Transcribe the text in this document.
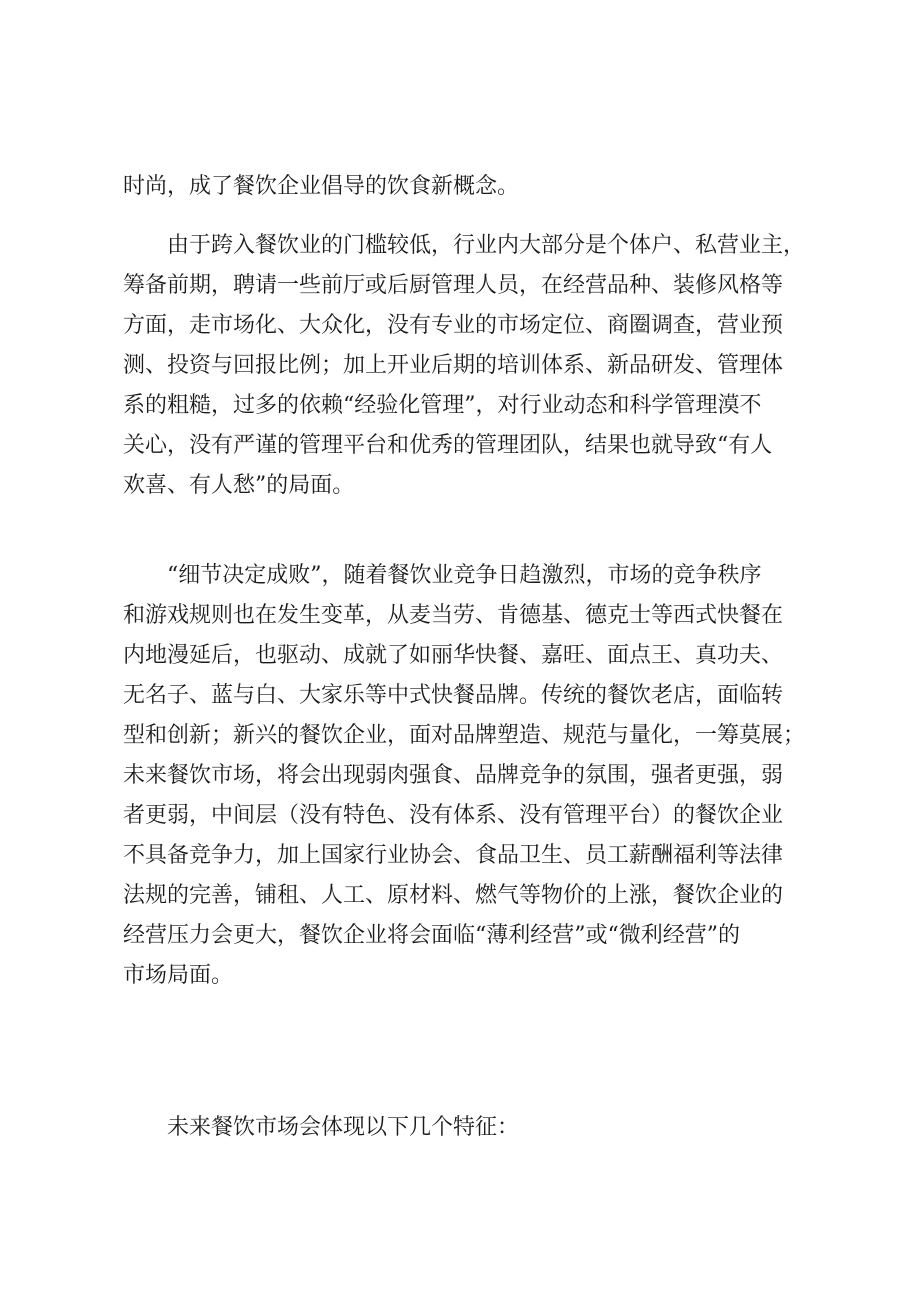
时尚，成了餐饮企业倡导的饮食新概念。
由于跨入餐饮业的门槛较低，行业内大部分是个体户、私营业主，
筹备前期，聘请一些前厅或后厨管理人员，在经营品种、装修风格等
方面，走市场化、大众化，没有专业的市场定位、商圈调查，营业预
测、投资与回报比例；加上开业后期的培训体系、新品研发、管理体
系的粗糙，过多的依赖“经验化管理”，对行业动态和科学管理漠不
关心，没有严谨的管理平台和优秀的管理团队，结果也就导致“有人
欢喜、有人愁”的局面。
“细节决定成败”，随着餐饮业竞争日趋激烈，市场的竞争秩序
和游戏规则也在发生变革，从麦当劳、肯德基、德克士等西式快餐在
内地漫延后，也驱动、成就了如丽华快餐、嘉旺、面点王、真功夫、
无名子、蓝与白、大家乐等中式快餐品牌。传统的餐饮老店，面临转
型和创新；新兴的餐饮企业，面对品牌塑造、规范与量化，一筹莫展；
未来餐饮市场，将会出现弱肉强食、品牌竞争的氛围，强者更强，弱
者更弱，中间层（没有特色、没有体系、没有管理平台）的餐饮企业
不具备竞争力，加上国家行业协会、食品卫生、员工薪酬福利等法律
法规的完善，铺租、人工、原材料、燃气等物价的上涨，餐饮企业的
经营压力会更大，餐饮企业将会面临“薄利经营”或“微利经营”的
市场局面。
未来餐饮市场会体现以下几个特征：
